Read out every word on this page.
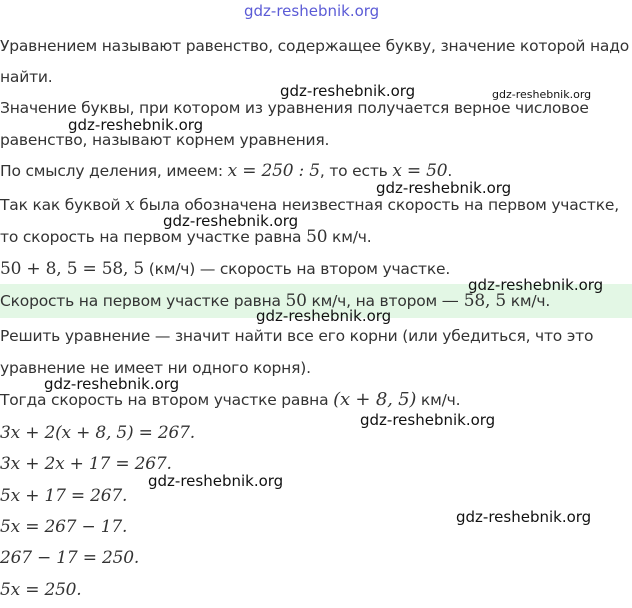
Уравнением называют равенство, содержащее букву, значение которой надо
найти.
Значение буквы, при котором из уравнения получается верное числовое
равенство, называют корнем уравнения.
По смыслу деления, имеем: x = 250 : 5, то есть x = 50.
Так как буквой x была обозначена неизвестная скорость на первом участке,
то скорость на первом участке равна 50 км/ч.
50 + 8, 5 = 58, 5 (км/ч) — скорость на втором участке.
Скорость на первом участке равна 50 км/ч, на втором — 58, 5 км/ч.
Решить уравнение — значит найти все его корни (или убедиться, что это
уравнение не имеет ни одного корня).
Тогда скорость на втором участке равна (x + 8, 5) км/ч.
3x + 2(x + 8, 5) = 267.
3x + 2x + 17 = 267.
5x + 17 = 267.
5x = 267 − 17.
267 − 17 = 250.
5x = 250.
gdz-reshebnik.org
gdz-reshebnik.org	gdz-reshebnik.org
gdz-reshebnik.org
gdz-reshebnik.org
gdz-reshebnik.org
gdz-reshebnik.org
gdz-reshebnik.org
gdz-reshebnik.org
gdz-reshebnik.org
gdz-reshebnik.org
gdz-reshebnik.org
